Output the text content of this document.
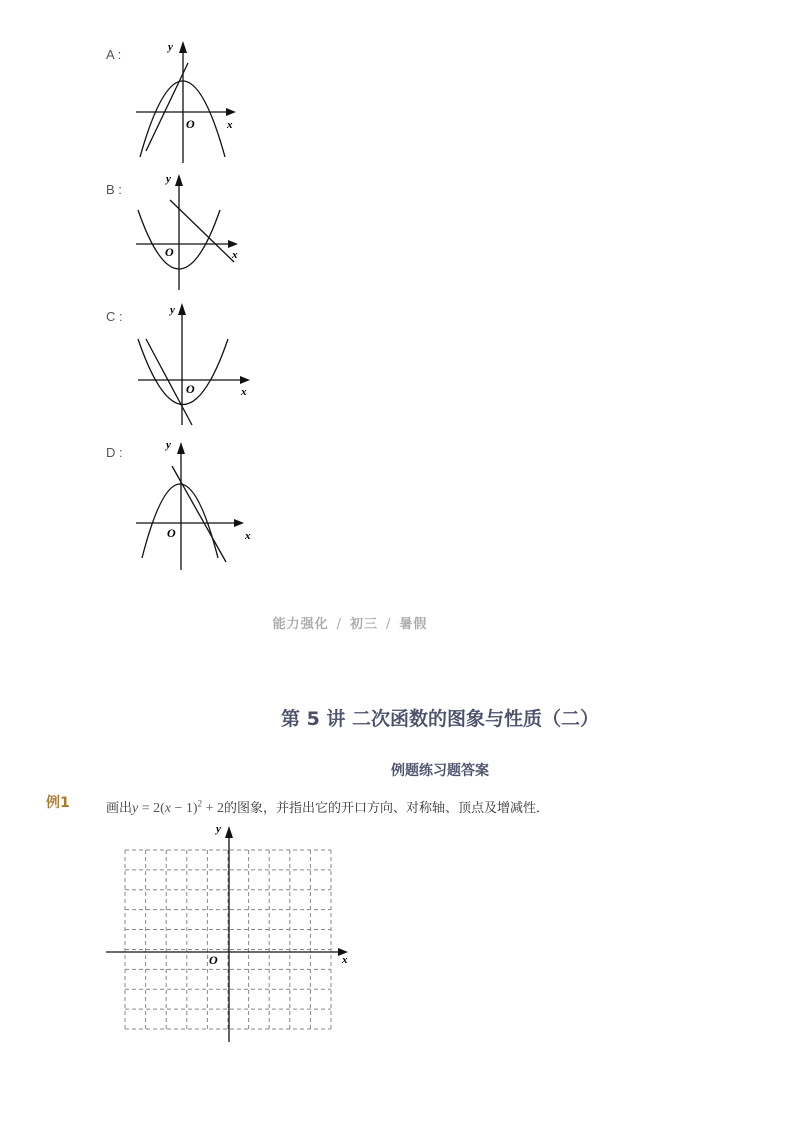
A :
x
y
O
B :
x
y
O
C :
x
y
O
D :
x
y
O
能力强化 / 初三 / 暑假
第 5 讲 二次函数的图象与性质（二）
例题练习题答案
例1	画出$y = 2(x - 1)^2 + 2$的图象，并指出它的开口方向、对称轴、顶点及增减性．
x
y
O
